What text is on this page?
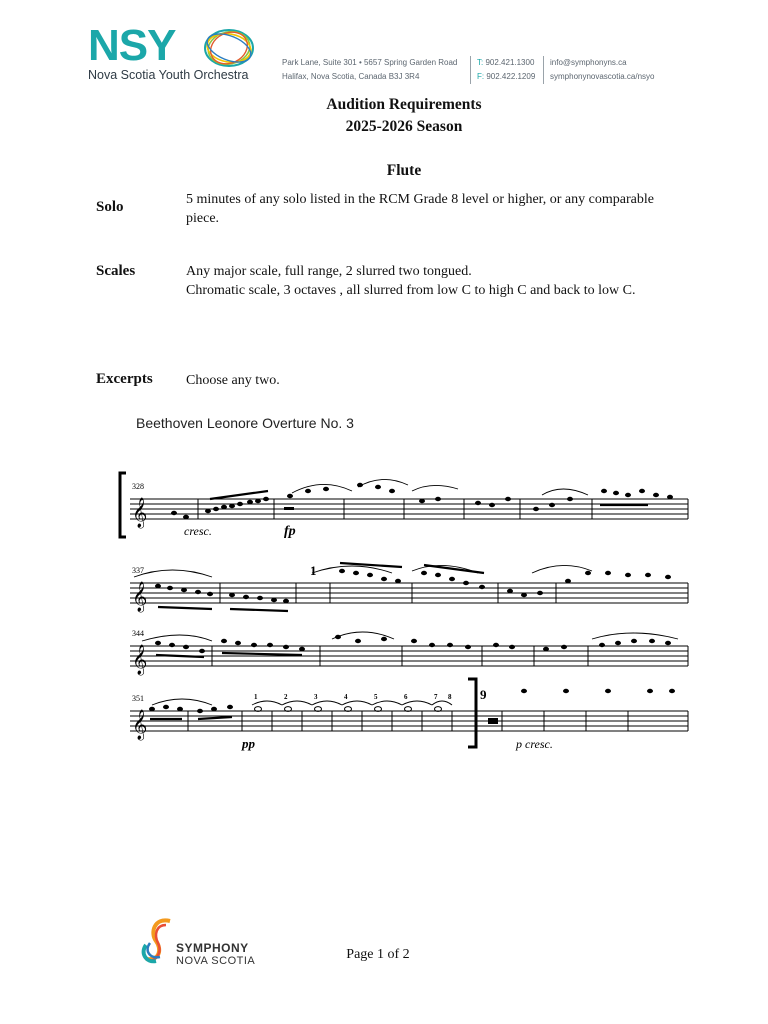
NSY
Nova Scotia Youth Orchestra
Park Lane, Suite 301 • 5657 Spring Garden Road
Halifax, Nova Scotia, Canada B3J 3R4
T: 902.421.1300
F: 902.422.1209
info@symphonyns.ca
symphonynovascotia.ca/nsyo
Audition Requirements
2025-2026 Season
Flute
Solo	5 minutes of any solo listed in the RCM Grade 8 level or higher, or any comparable piece.
Scales	Any major scale, full range, 2 slurred two tongued.
Chromatic scale, 3 octaves , all slurred from low C to high C and back to low C.
Excerpts Choose any two.
Beethoven Leonore Overture No. 3
𝄞
𝄞
𝄞
𝄞
328
337
344
351
cresc.	fp
pp	p cresc.
1
9
1	2	3	4	5	6	7 8
SYMPHONY
NOVA SCOTIA	Page 1 of 2
